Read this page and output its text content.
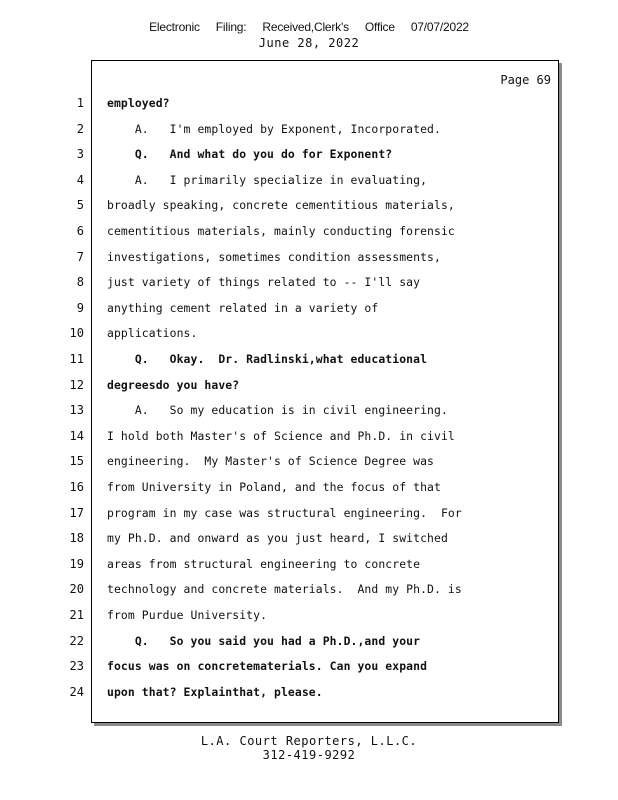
Electronic Filing: Received,Clerk's Office 07/07/2022
June 28, 2022
Page 69
1 employed?
2 A.   I'm employed by Exponent, Incorporated.
3 Q.   And what do you do for Exponent?
4 A.   I primarily specialize in evaluating,
5 broadly speaking, concrete cementitious materials,
6 cementitious materials, mainly conducting forensic
7 investigations, sometimes condition assessments,
8 just variety of things related to -- I'll say
9 anything cement related in a variety of
10 applications.
11 Q.   Okay.  Dr. Radlinski,what educational
12 degreesdo you have?
13 A.   So my education is in civil engineering.
14 I hold both Master's of Science and Ph.D. in civil
15 engineering.  My Master's of Science Degree was
16 from University in Poland, and the focus of that
17 program in my case was structural engineering.  For
18 my Ph.D. and onward as you just heard, I switched
19 areas from structural engineering to concrete
20 technology and concrete materials.  And my Ph.D. is
21 from Purdue University.
22 Q.   So you said you had a Ph.D.,and your
23 focus was on concretematerials. Can you expand
24 upon that? Explainthat, please.
L.A. Court Reporters, L.L.C.
312-419-9292
